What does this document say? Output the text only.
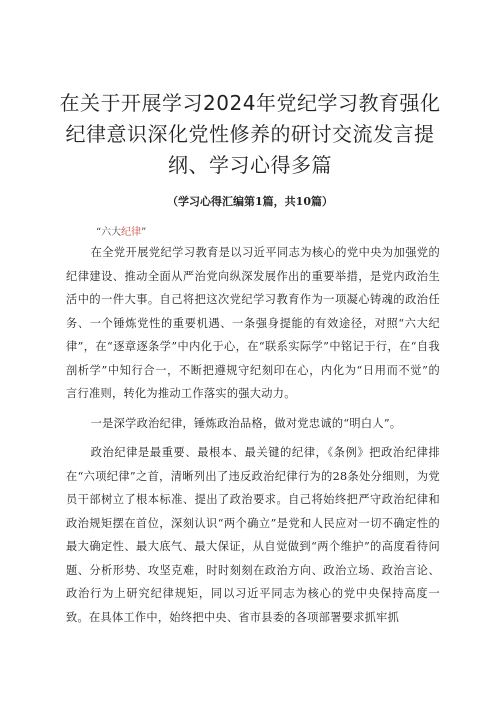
在关于开展学习2024年党纪学习教育强化纪律意识深化党性修养的研讨交流发言提纲、学习心得多篇

（学习心得汇编第1篇，共10篇）

“六大纪律”

在全党开展党纪学习教育是以习近平同志为核心的党中央为加强党的纪律建设、推动全面从严治党向纵深发展作出的重要举措，是党内政治生活中的一件大事。自己将把这次党纪学习教育作为一项凝心铸魂的政治任务、一个锤炼党性的重要机遇、一条强身提能的有效途径，对照“六大纪律”，在“逐章逐条学”中内化于心，在“联系实际学”中铭记于行，在“自我剖析学”中知行合一，不断把遵规守纪刻印在心，内化为“日用而不觉”的言行准则，转化为推动工作落实的强大动力。

一是深学政治纪律，锤炼政治品格，做对党忠诚的“明白人”。

政治纪律是最重要、最根本、最关键的纪律，《条例》把政治纪律排在“六项纪律”之首，清晰列出了违反政治纪律行为的28条处分细则，为党员干部树立了根本标准、提出了政治要求。自己将始终把严守政治纪律和政治规矩摆在首位，深刻认识“两个确立”是党和人民应对一切不确定性的最大确定性、最大底气、最大保证，从自觉做到“两个维护”的高度看待问题、分析形势、攻坚克难，时时刻刻在政治方向、政治立场、政治言论、政治行为上研究纪律规矩，同以习近平同志为核心的党中央保持高度一致。在具体工作中，始终把中央、省市县委的各项部署要求抓牢抓
